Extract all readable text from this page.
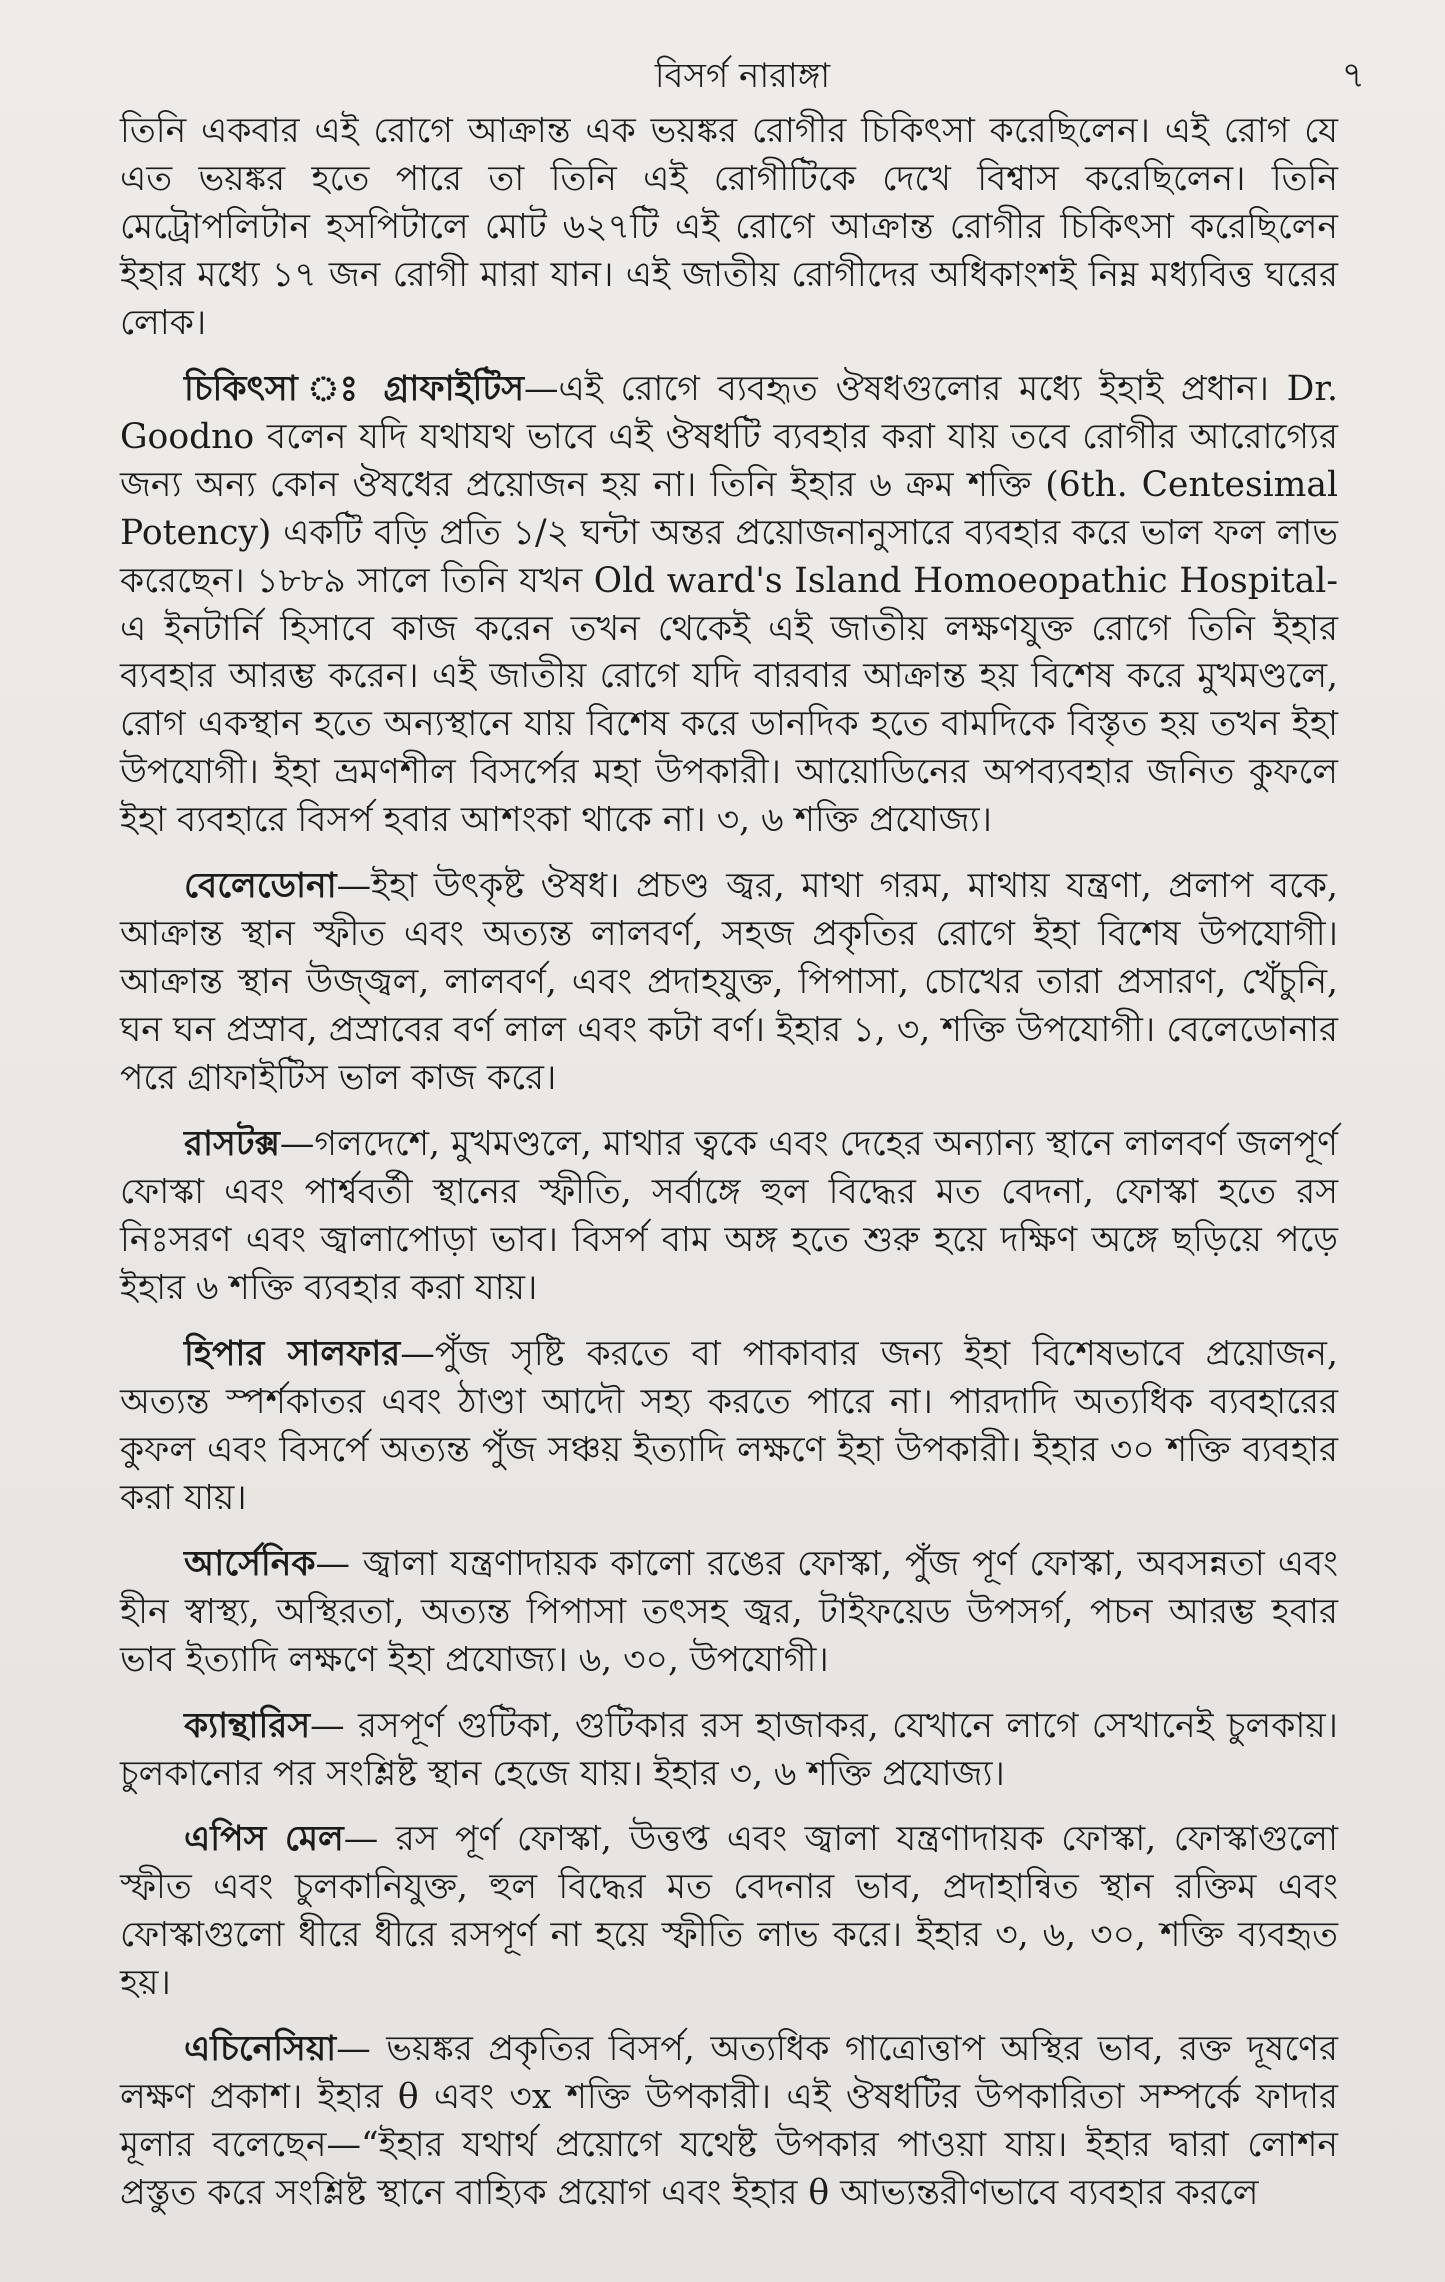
বিসর্গ নারাঙ্গা	৭

তিনি একবার এই রোগে আক্রান্ত এক ভয়ঙ্কর রোগীর চিকিৎসা করেছিলেন। এই রোগ যে এত ভয়ঙ্কর হতে পারে তা তিনি এই রোগীটিকে দেখে বিশ্বাস করেছিলেন। তিনি মেট্রোপলিটান হসপিটালে মোট ৬২৭টি এই রোগে আক্রান্ত রোগীর চিকিৎসা করেছিলেন ইহার মধ্যে ১৭ জন রোগী মারা যান। এই জাতীয় রোগীদের অধিকাংশই নিম্ন মধ্যবিত্ত ঘরের লোক।

চিকিৎসা ঃ গ্রাফাইটিস—এই রোগে ব্যবহৃত ঔষধগুলোর মধ্যে ইহাই প্রধান। Dr. Goodno বলেন যদি যথাযথ ভাবে এই ঔষধটি ব্যবহার করা যায় তবে রোগীর আরোগ্যের জন্য অন্য কোন ঔষধের প্রয়োজন হয় না। তিনি ইহার ৬ ক্রম শক্তি (6th. Centesimal Potency) একটি বড়ি প্রতি ১/২ ঘন্টা অন্তর প্রয়োজনানুসারে ব্যবহার করে ভাল ফল লাভ করেছেন। ১৮৮৯ সালে তিনি যখন Old ward's Island Homoeopathic Hospital-এ ইনটার্নি হিসাবে কাজ করেন তখন থেকেই এই জাতীয় লক্ষণযুক্ত রোগে তিনি ইহার ব্যবহার আরম্ভ করেন। এই জাতীয় রোগে যদি বারবার আক্রান্ত হয় বিশেষ করে মুখমণ্ডলে, রোগ একস্থান হতে অন্যস্থানে যায় বিশেষ করে ডানদিক হতে বামদিকে বিস্তৃত হয় তখন ইহা উপযোগী। ইহা ভ্রমণশীল বিসর্পের মহা উপকারী। আয়োডিনের অপব্যবহার জনিত কুফলে ইহা ব্যবহারে বিসর্প হবার আশংকা থাকে না। ৩, ৬ শক্তি প্রযোজ্য।

বেলেডোনা—ইহা উৎকৃষ্ট ঔষধ। প্রচণ্ড জ্বর, মাথা গরম, মাথায় যন্ত্রণা, প্রলাপ বকে, আক্রান্ত স্থান স্ফীত এবং অত্যন্ত লালবর্ণ, সহজ প্রকৃতির রোগে ইহা বিশেষ উপযোগী। আক্রান্ত স্থান উজ্জ্বল, লালবর্ণ, এবং প্রদাহযুক্ত, পিপাসা, চোখের তারা প্রসারণ, খেঁচুনি, ঘন ঘন প্রস্রাব, প্রস্রাবের বর্ণ লাল এবং কটা বর্ণ। ইহার ১, ৩, শক্তি উপযোগী। বেলেডোনার পরে গ্রাফাইটিস ভাল কাজ করে।

রাসটক্স—গলদেশে, মুখমণ্ডলে, মাথার ত্বকে এবং দেহের অন্যান্য স্থানে লালবর্ণ জলপূর্ণ ফোস্কা এবং পার্শ্ববর্তী স্থানের স্ফীতি, সর্বাঙ্গে হুল বিদ্ধের মত বেদনা, ফোস্কা হতে রস নিঃসরণ এবং জ্বালাপোড়া ভাব। বিসর্প বাম অঙ্গ হতে শুরু হয়ে দক্ষিণ অঙ্গে ছড়িয়ে পড়ে ইহার ৬ শক্তি ব্যবহার করা যায়।

হিপার সালফার—পুঁজ সৃষ্টি করতে বা পাকাবার জন্য ইহা বিশেষভাবে প্রয়োজন, অত্যন্ত স্পর্শকাতর এবং ঠাণ্ডা আদৌ সহ্য করতে পারে না। পারদাদি অত্যধিক ব্যবহারের কুফল এবং বিসর্পে অত্যন্ত পুঁজ সঞ্চয় ইত্যাদি লক্ষণে ইহা উপকারী। ইহার ৩০ শক্তি ব্যবহার করা যায়।

আর্সেনিক— জ্বালা যন্ত্রণাদায়ক কালো রঙের ফোস্কা, পুঁজ পূর্ণ ফোস্কা, অবসন্নতা এবং হীন স্বাস্থ্য, অস্থিরতা, অত্যন্ত পিপাসা তৎসহ জ্বর, টাইফয়েড উপসর্গ, পচন আরম্ভ হবার ভাব ইত্যাদি লক্ষণে ইহা প্রযোজ্য। ৬, ৩০, উপযোগী।

ক্যান্থারিস— রসপূর্ণ গুটিকা, গুটিকার রস হাজাকর, যেখানে লাগে সেখানেই চুলকায়। চুলকানোর পর সংশ্লিষ্ট স্থান হেজে যায়। ইহার ৩, ৬ শক্তি প্রযোজ্য।

এপিস মেল— রস পূর্ণ ফোস্কা, উত্তপ্ত এবং জ্বালা যন্ত্রণাদায়ক ফোস্কা, ফোস্কাগুলো স্ফীত এবং চুলকানিযুক্ত, হুল বিদ্ধের মত বেদনার ভাব, প্রদাহান্বিত স্থান রক্তিম এবং ফোস্কাগুলো ধীরে ধীরে রসপূর্ণ না হয়ে স্ফীতি লাভ করে। ইহার ৩, ৬, ৩০, শক্তি ব্যবহৃত হয়।

এচিনেসিয়া— ভয়ঙ্কর প্রকৃতির বিসর্প, অত্যধিক গাত্রোত্তাপ অস্থির ভাব, রক্ত দূষণের লক্ষণ প্রকাশ। ইহার θ এবং ৩x শক্তি উপকারী। এই ঔষধটির উপকারিতা সম্পর্কে ফাদার মূলার বলেছেন—“ইহার যথার্থ প্রয়োগে যথেষ্ট উপকার পাওয়া যায়। ইহার দ্বারা লোশন প্রস্তুত করে সংশ্লিষ্ট স্থানে বাহ্যিক প্রয়োগ এবং ইহার θ আভ্যন্তরীণভাবে ব্যবহার করলে
